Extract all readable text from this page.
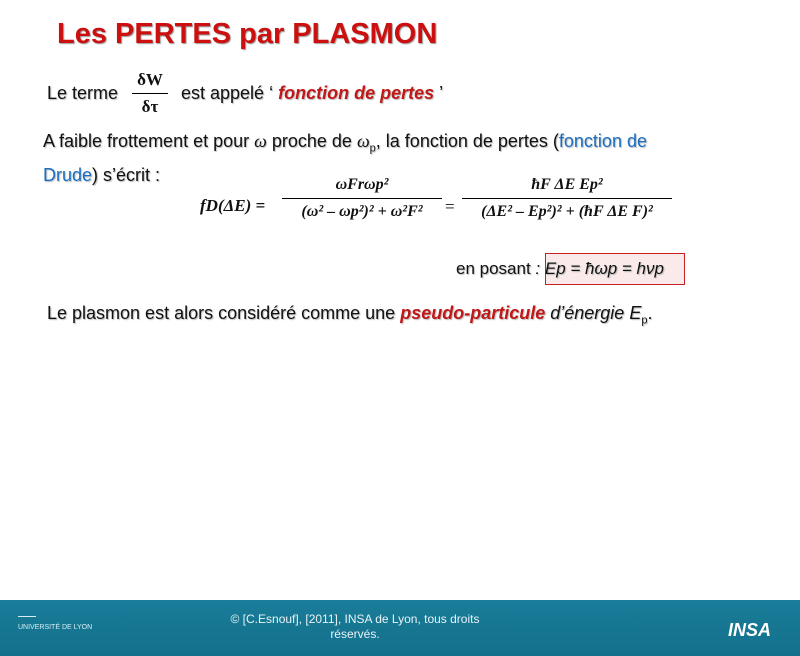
Les PERTES par PLASMON
Le terme
δW
δτ
est appelé ‘ fonction de pertes ’
A faible frottement et pour ω proche de $\omega_p$, la fonction de pertes (fonction de Drude) s’écrit :
fD(ΔE) =
ωFrωp²
(ω² – ωp²)² + ω²F²	=
ħF ΔE Ep²
(ΔE² – Ep²)² + (ħF ΔE F)²
en posant : Ep = ħωp = hνp
Le plasmon est alors considéré comme une pseudo-particule d’énergie $E_p$.
UNIVERSITÉ DE LYON
© [C.Esnouf], [2011], INSA de Lyon, tous droits
réservés.	INSA
